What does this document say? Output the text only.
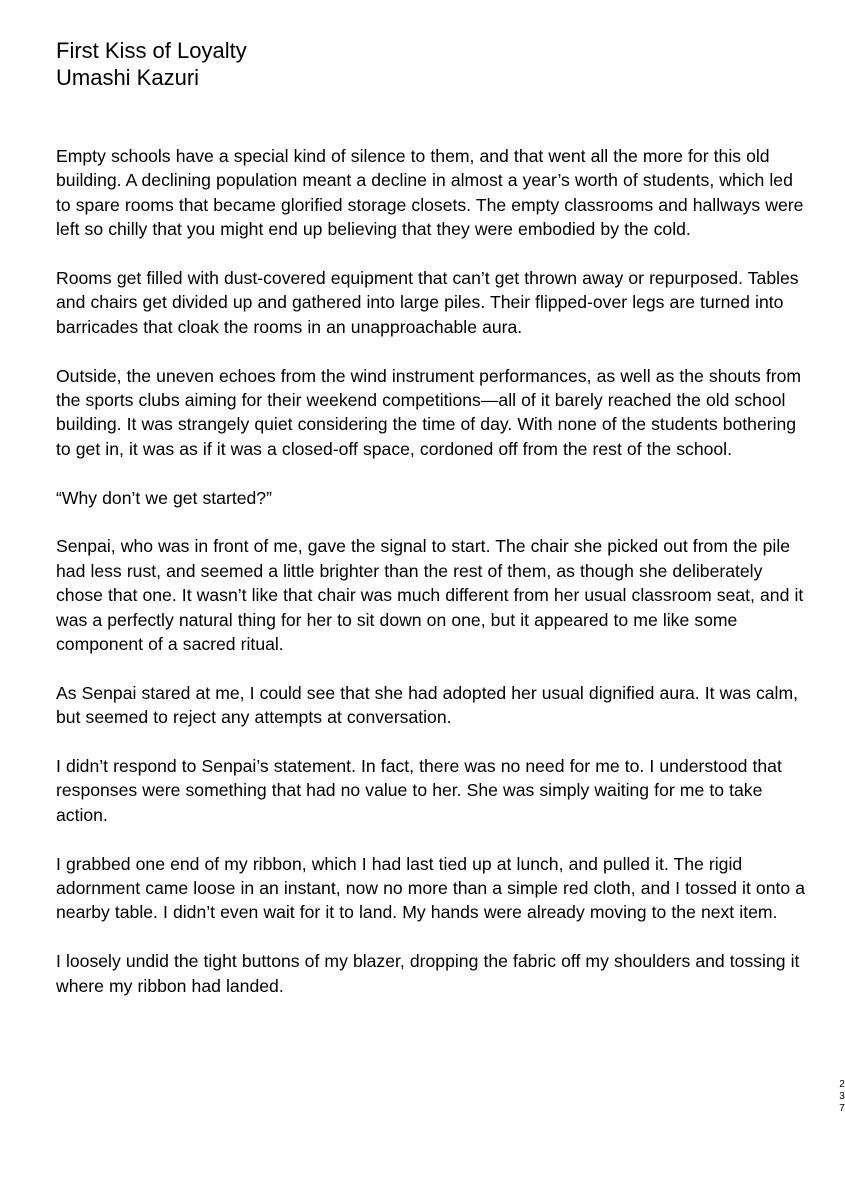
First Kiss of Loyalty

Umashi Kazuri

Empty schools have a special kind of silence to them, and that went all the more for this old building. A declining population meant a decline in almost a year’s worth of students, which led to spare rooms that became glorified storage closets. The empty classrooms and hallways were left so chilly that you might end up believing that they were embodied by the cold.

Rooms get filled with dust-covered equipment that can’t get thrown away or repurposed. Tables and chairs get divided up and gathered into large piles. Their flipped-over legs are turned into barricades that cloak the rooms in an unapproachable aura.

Outside, the uneven echoes from the wind instrument performances, as well as the shouts from the sports clubs aiming for their weekend competitions—all of it barely reached the old school building. It was strangely quiet considering the time of day. With none of the students bothering to get in, it was as if it was a closed-off space, cordoned off from the rest of the school.

“Why don’t we get started?”

Senpai, who was in front of me, gave the signal to start. The chair she picked out from the pile had less rust, and seemed a little brighter than the rest of them, as though she deliberately chose that one. It wasn’t like that chair was much different from her usual classroom seat, and it was a perfectly natural thing for her to sit down on one, but it appeared to me like some component of a sacred ritual.

As Senpai stared at me, I could see that she had adopted her usual dignified aura. It was calm, but seemed to reject any attempts at conversation.

I didn’t respond to Senpai’s statement. In fact, there was no need for me to. I understood that responses were something that had no value to her. She was simply waiting for me to take action.

I grabbed one end of my ribbon, which I had last tied up at lunch, and pulled it. The rigid adornment came loose in an instant, now no more than a simple red cloth, and I tossed it onto a nearby table. I didn’t even wait for it to land. My hands were already moving to the next item.

I loosely undid the tight buttons of my blazer, dropping the fabric off my shoulders and tossing it where my ribbon had landed.

2
3
7
